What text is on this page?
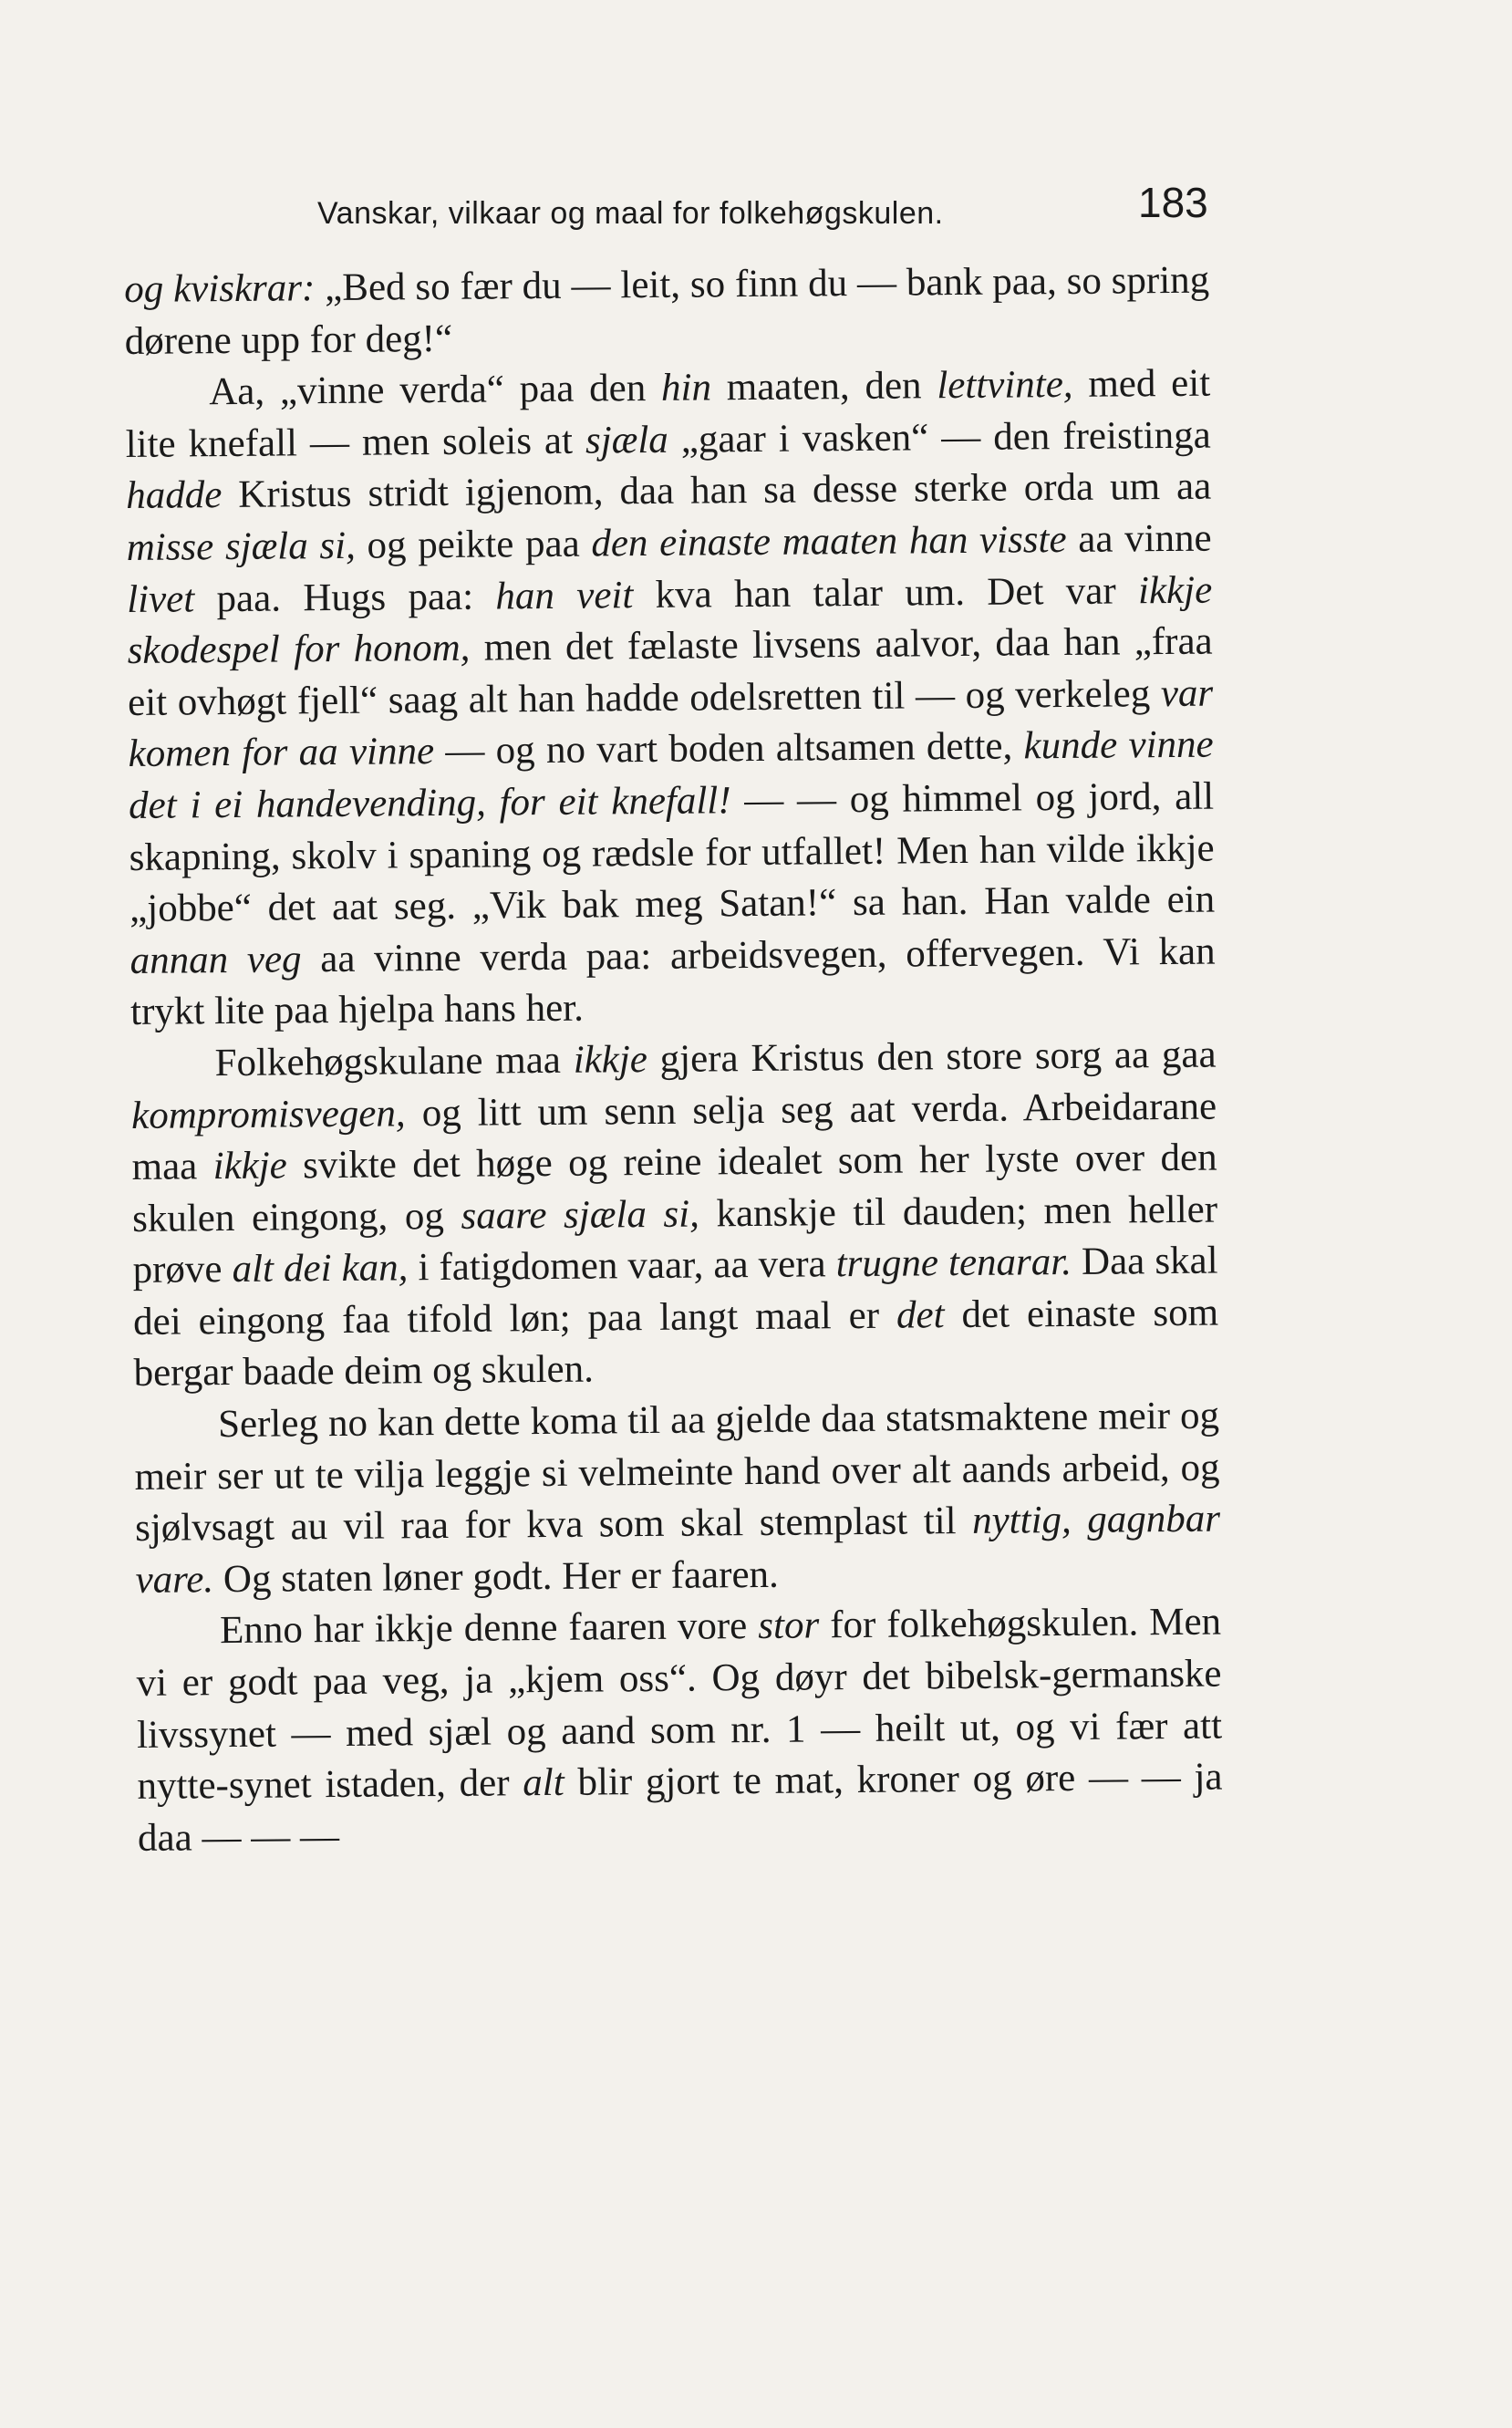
Vanskar, vilkaar og maal for folkehøgskulen.	183

og kviskrar: „Bed so fær du — leit, so finn du — bank paa, so spring dørene upp for deg!“

Aa, „vinne verda“ paa den hin maaten, den lettvinte, med eit lite knefall — men soleis at sjæla „gaar i vasken“ — den freistinga hadde Kristus stridt igjenom, daa han sa desse sterke orda um aa misse sjæla si, og peikte paa den einaste maaten han visste aa vinne livet paa. Hugs paa: han veit kva han talar um. Det var ikkje skodespel for honom, men det fælaste livsens aalvor, daa han „fraa eit ovhøgt fjell“ saag alt han hadde odelsretten til — og verkeleg var komen for aa vinne — og no vart boden altsamen dette, kunde vinne det i ei handevending, for eit knefall! — — og himmel og jord, all skapning, skolv i spaning og rædsle for utfallet! Men han vilde ikkje „jobbe“ det aat seg. „Vik bak meg Satan!“ sa han. Han valde ein annan veg aa vinne verda paa: arbeidsvegen, offervegen. Vi kan trykt lite paa hjelpa hans her.

Folkehøgskulane maa ikkje gjera Kristus den store sorg aa gaa kompromisvegen, og litt um senn selja seg aat verda. Arbeidarane maa ikkje svikte det høge og reine idealet som her lyste over den skulen eingong, og saare sjæla si, kanskje til dauden; men heller prøve alt dei kan, i fatigdomen vaar, aa vera trugne tenarar. Daa skal dei eingong faa tifold løn; paa langt maal er det det einaste som bergar baade deim og skulen.

Serleg no kan dette koma til aa gjelde daa statsmaktene meir og meir ser ut te vilja leggje si velmeinte hand over alt aands arbeid, og sjølvsagt au vil raa for kva som skal stemplast til nyttig, gagnbar vare. Og staten løner godt. Her er faaren.

Enno har ikkje denne faaren vore stor for folkehøgskulen. Men vi er godt paa veg, ja „kjem oss“. Og døyr det bibelsk-germanske livssynet — med sjæl og aand som nr. 1 — heilt ut, og vi fær att nytte-synet istaden, der alt blir gjort te mat, kroner og øre — — ja daa — — —
